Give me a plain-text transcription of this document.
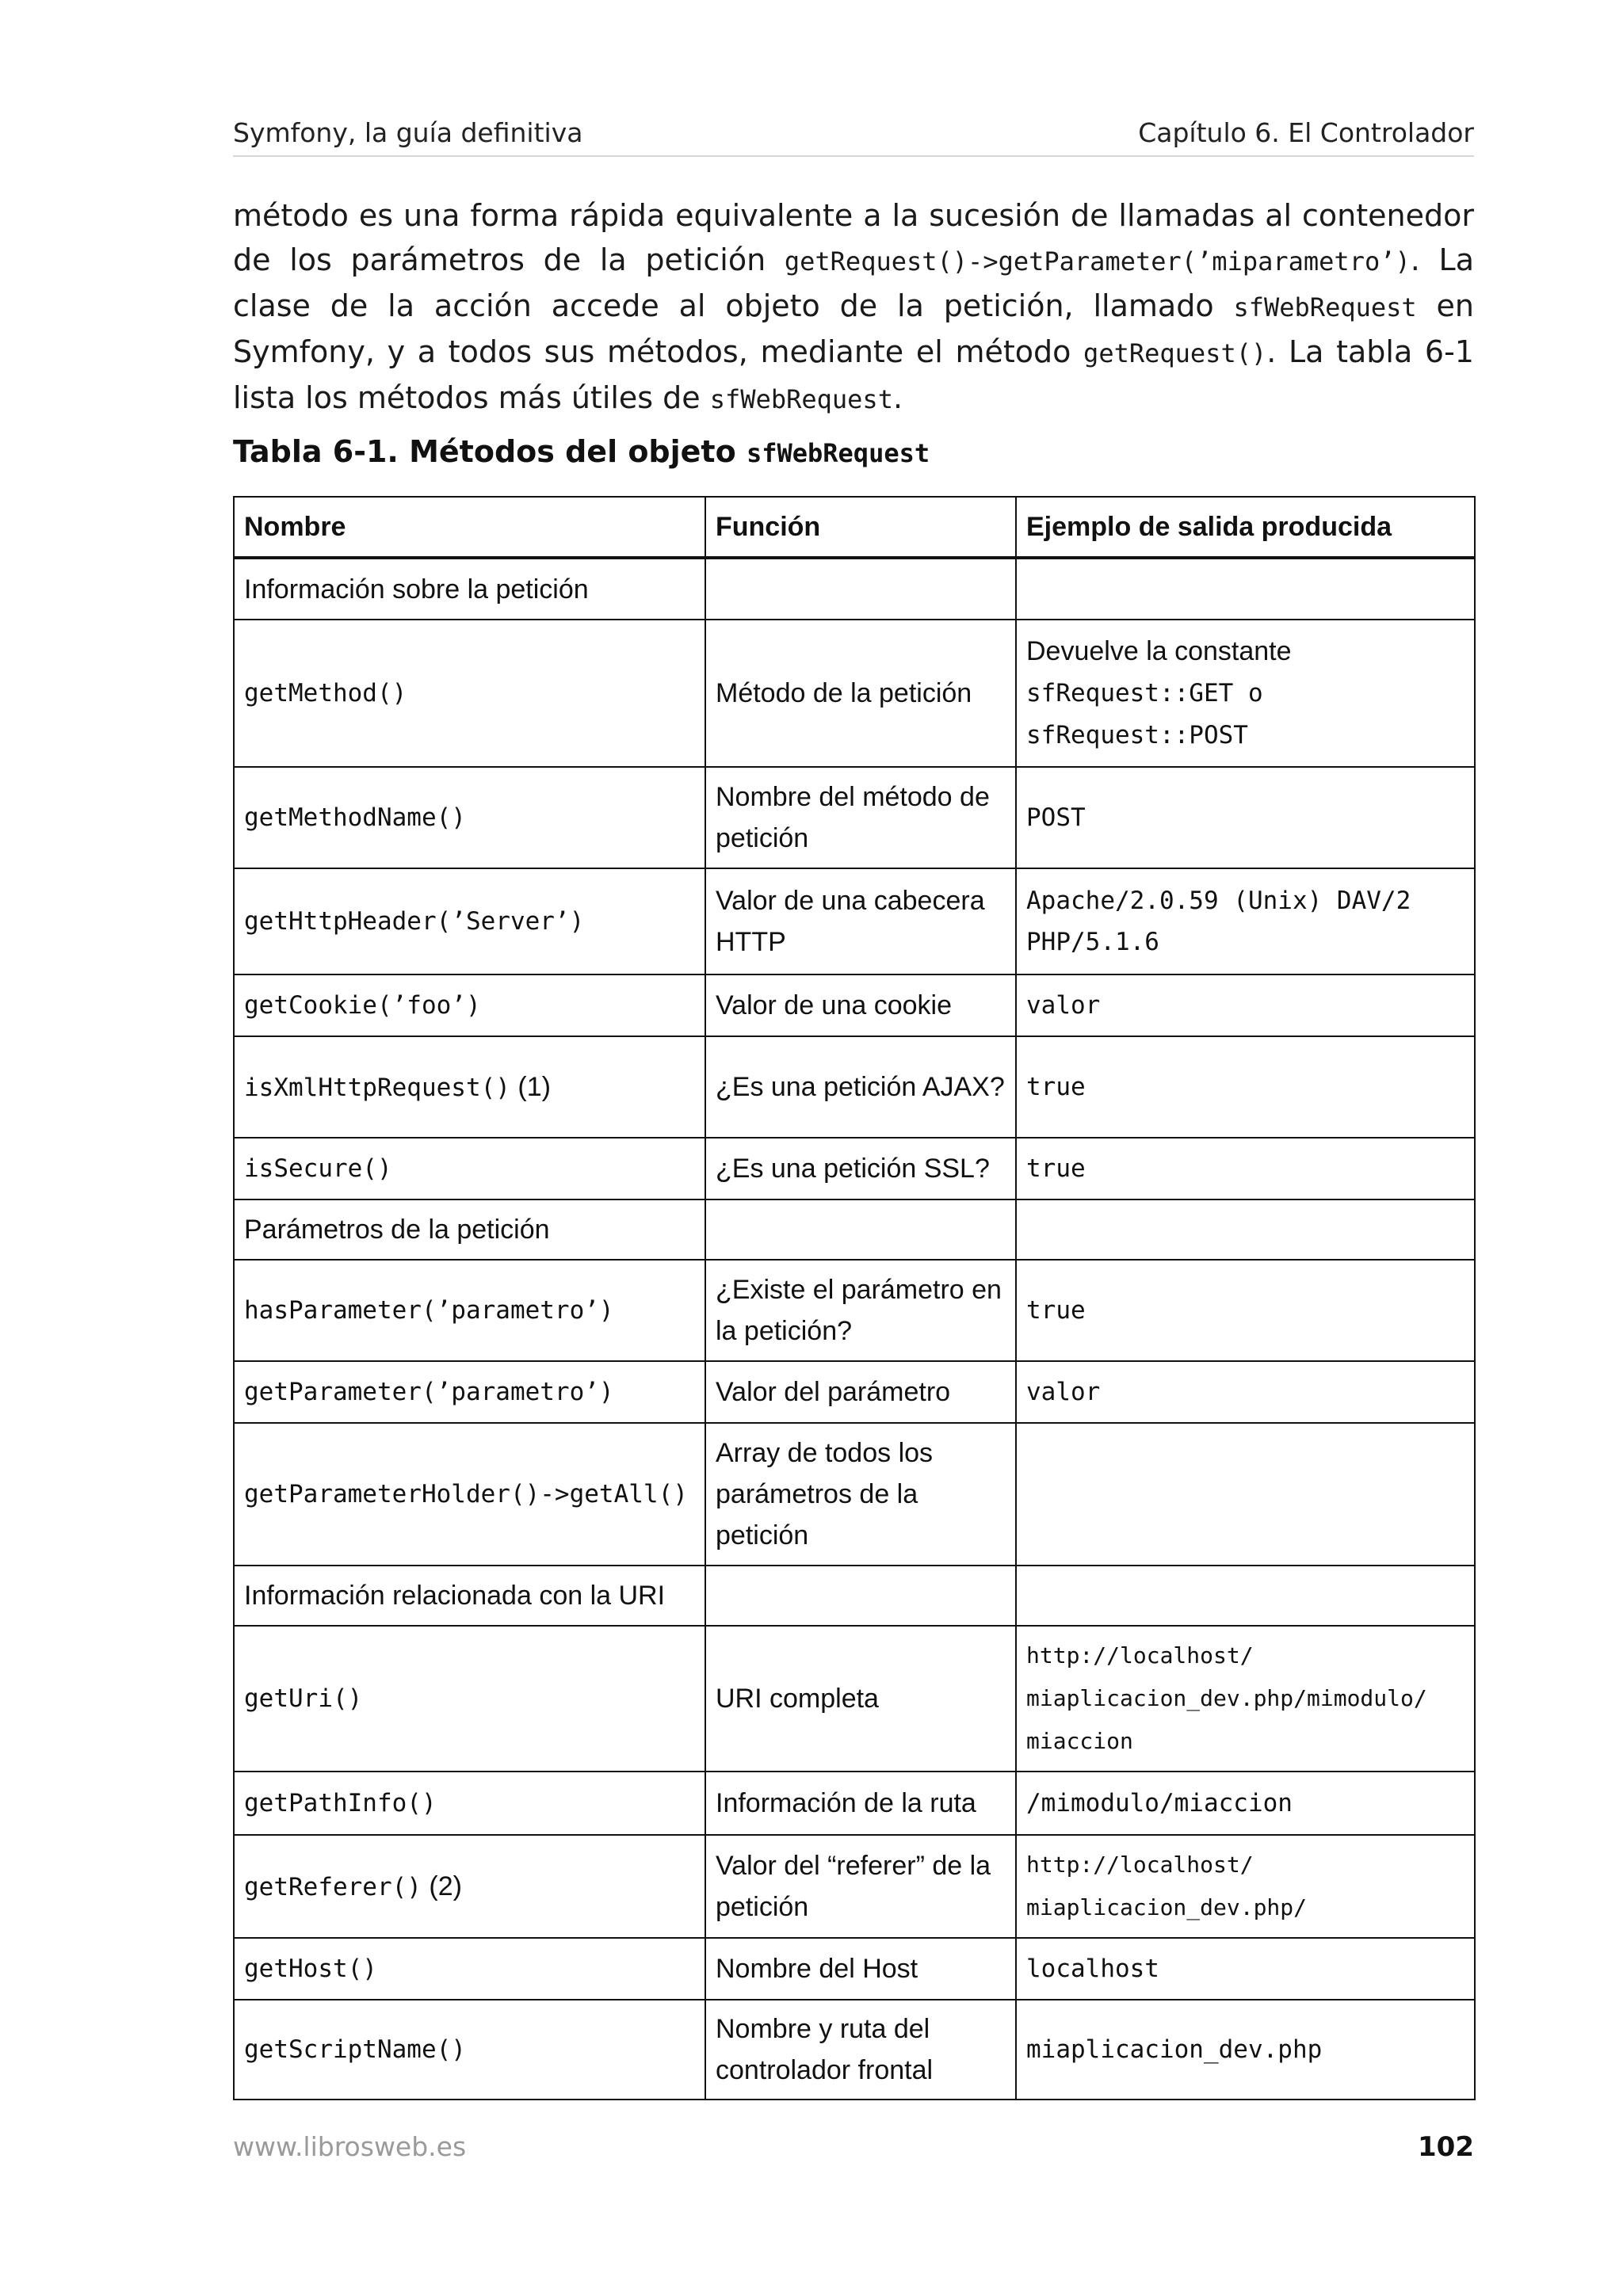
Symfony, la guía definitiva	Capítulo 6. El Controlador

método es una forma rápida equivalente a la sucesión de llamadas al contenedor de los parámetros de la petición getRequest()->getParameter(’miparametro’). La clase de la acción accede al objeto de la petición, llamado sfWebRequest en Symfony, y a todos sus métodos, mediante el método getRequest(). La tabla 6-1 lista los métodos más útiles de sfWebRequest.

Tabla 6-1. Métodos del objeto sfWebRequest
Nombre	Función	Ejemplo de salida producida
Información sobre la petición		
getMethod()	Método de la petición	Devuelve la constante
sfRequest::GET o
sfRequest::POST
getMethodName()	Nombre del método de petición	POST
getHttpHeader(’Server’)	Valor de una cabecera HTTP	Apache/2.0.59 (Unix) DAV/2 PHP/5.1.6
getCookie(’foo’)	Valor de una cookie	valor
isXmlHttpRequest() (1)	¿Es una petición AJAX?	true
isSecure()	¿Es una petición SSL?	true
Parámetros de la petición		
hasParameter(’parametro’)	¿Existe el parámetro en la petición?	true
getParameter(’parametro’)	Valor del parámetro	valor
getParameterHolder()->getAll()	Array de todos los parámetros de la petición	
Información relacionada con la URI		
getUri()	URI completa	http://localhost/
miaplicacion_dev.php/mimodulo/
miaccion
getPathInfo()	Información de la ruta	/mimodulo/miaccion
getReferer() (2)	Valor del “referer” de la petición	http://localhost/
miaplicacion_dev.php/
getHost()	Nombre del Host	localhost
getScriptName()	Nombre y ruta del controlador frontal	miaplicacion_dev.php
www.librosweb.es	102
